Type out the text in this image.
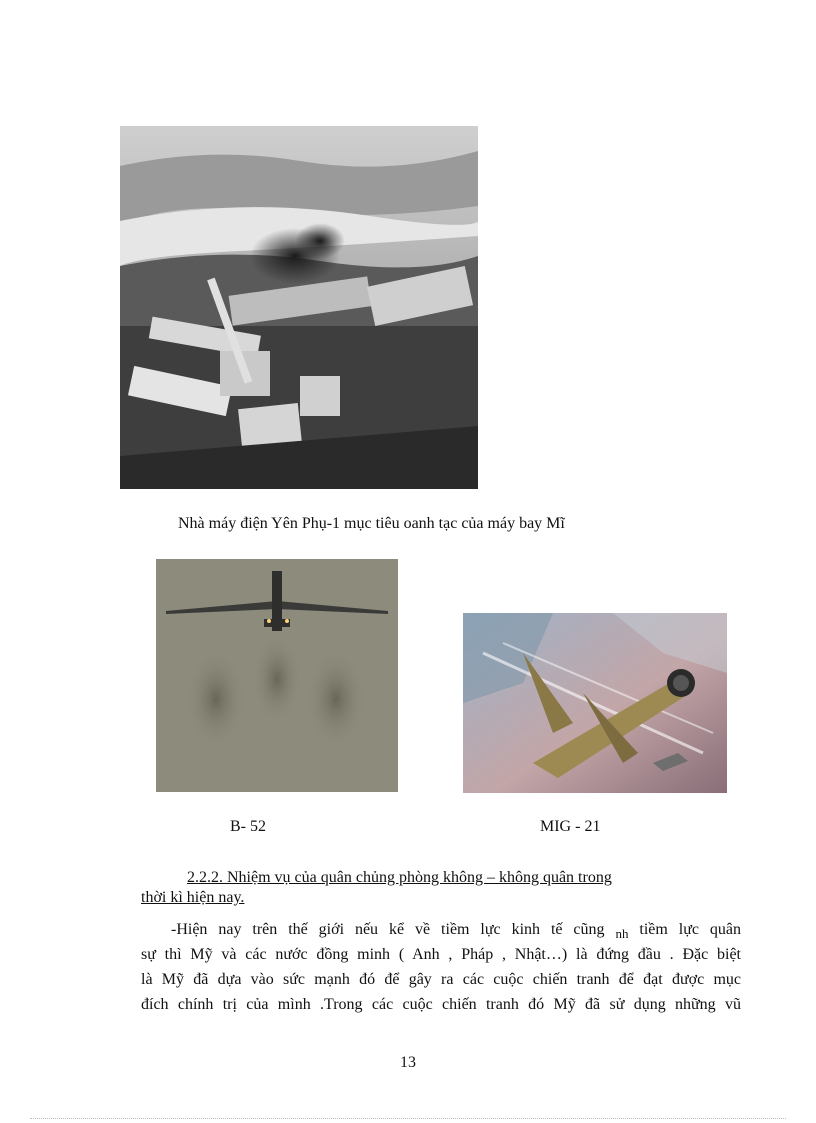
Nhà máy điện Yên Phụ-1 mục tiêu oanh tạc của máy bay Mĩ
B- 52	MIG - 21
2.2.2. Nhiệm vụ của quân chủng phòng không – không quân trong
thời kì hiện nay.
-Hiện nay trên thế giới nếu kể về tiềm lực kinh tế cũng $_{nh}$ tiềm lực quân
sự thì Mỹ và các nước đồng minh ( Anh , Pháp , Nhật…) là đứng đầu . Đặc biệt
là Mỹ đã dựa vào sức mạnh đó để gây ra các cuộc chiến tranh để đạt được mục
đích chính trị của mình .Trong các cuộc chiến tranh đó Mỹ đã sử dụng những vũ
13
